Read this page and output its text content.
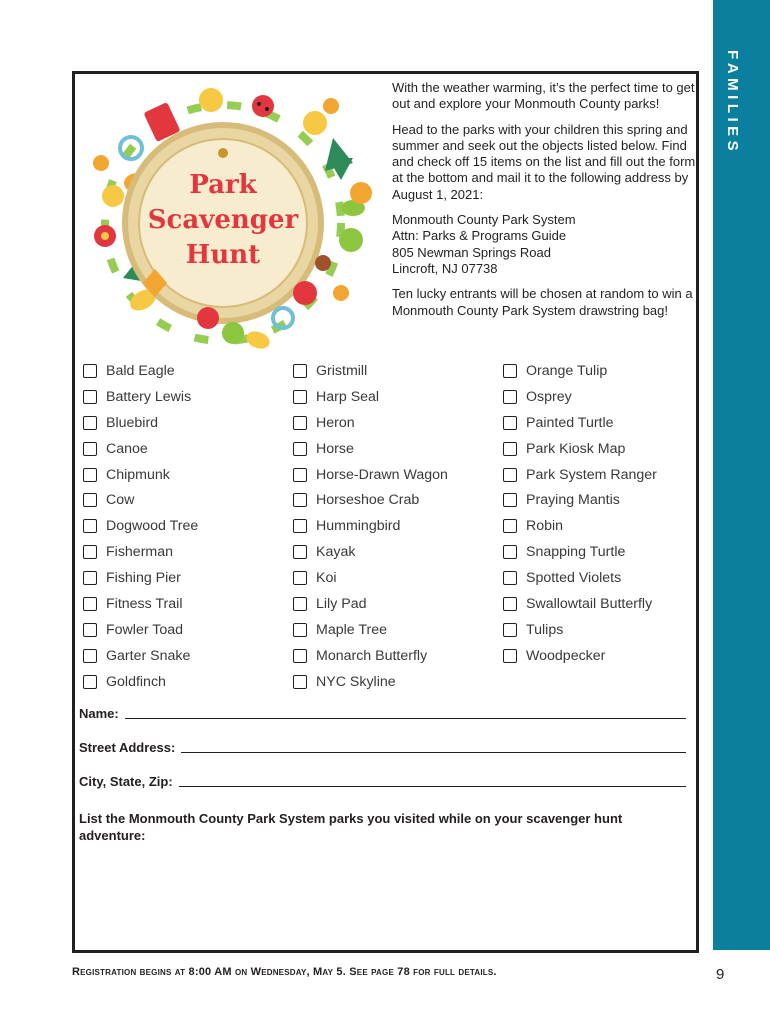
FAMILIES
Park
Scavenger
Hunt

With the weather warming, it’s the perfect time to get out and explore your Monmouth County parks!

Head to the parks with your children this spring and summer and seek out the objects listed below. Find and check off 15 items on the list and fill out the form at the bottom and mail it to the following address by August 1, 2021:

Monmouth County Park System
Attn: Parks & Programs Guide
805 Newman Springs Road
Lincroft, NJ 07738

Ten lucky entrants will be chosen at random to win a Monmouth County Park System drawstring bag!

Bald Eagle
Battery Lewis
Bluebird
Canoe
Chipmunk
Cow
Dogwood Tree
Fisherman
Fishing Pier
Fitness Trail
Fowler Toad
Garter Snake
Goldfinch
Gristmill
Harp Seal
Heron
Horse
Horse-Drawn Wagon
Horseshoe Crab
Hummingbird
Kayak
Koi
Lily Pad
Maple Tree
Monarch Butterfly
NYC Skyline
Orange Tulip
Osprey
Painted Turtle
Park Kiosk Map
Park System Ranger
Praying Mantis
Robin
Snapping Turtle
Spotted Violets
Swallowtail Butterfly
Tulips
Woodpecker
Name:
Street Address:
City, State, Zip:
List the Monmouth County Park System parks you visited while on your scavenger hunt adventure:
Registration begins at 8:00 AM on Wednesday, May 5. See page 78 for full details.	9
